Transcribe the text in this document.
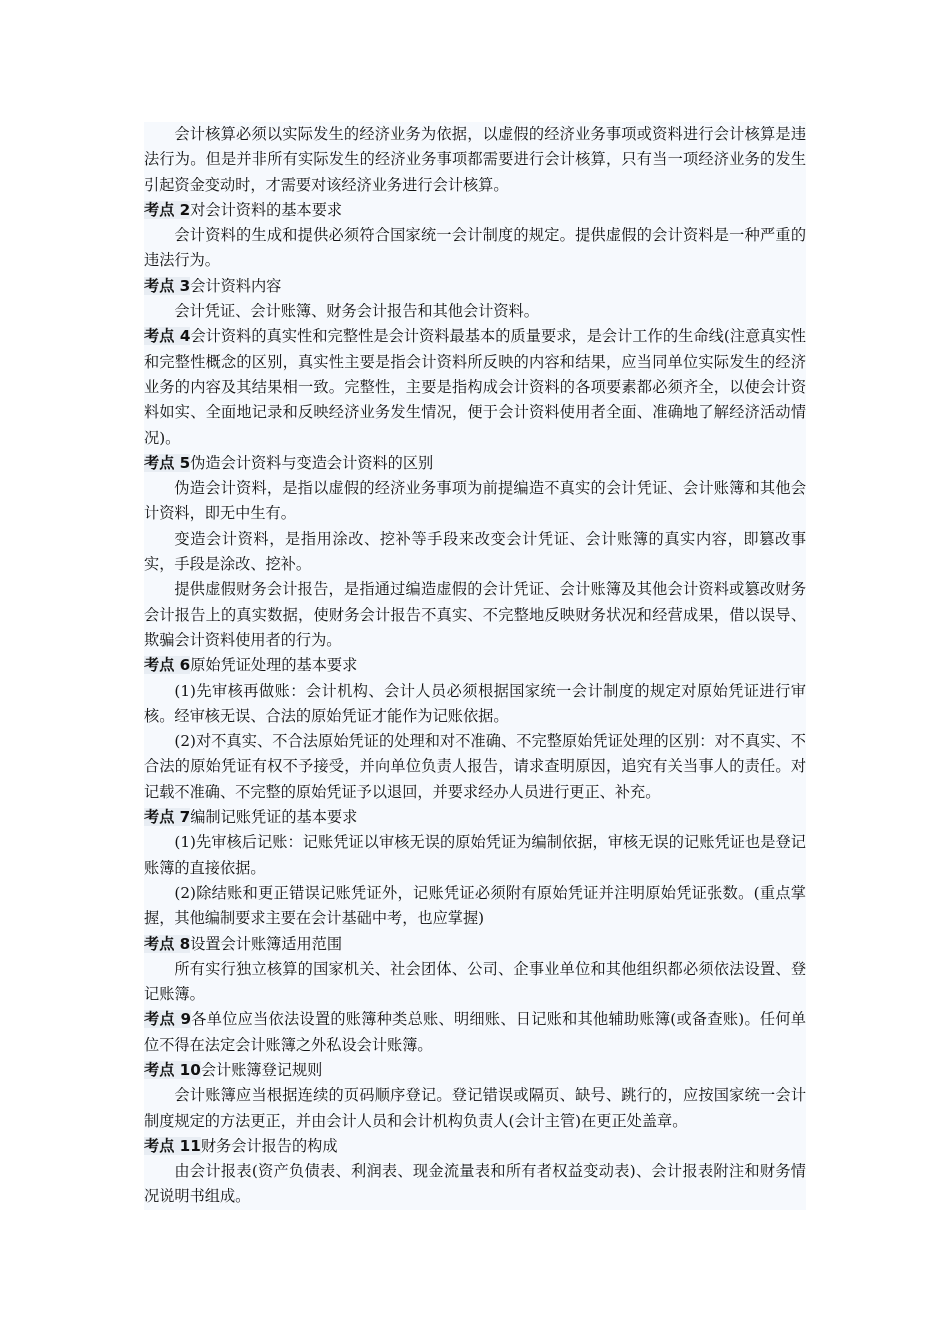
会计核算必须以实际发生的经济业务为依据，以虚假的经济业务事项或资料进行会计核算是违法行为。但是并非所有实际发生的经济业务事项都需要进行会计核算，只有当一项经济业务的发生引起资金变动时，才需要对该经济业务进行会计核算。

考点 2对会计资料的基本要求

会计资料的生成和提供必须符合国家统一会计制度的规定。提供虚假的会计资料是一种严重的违法行为。

考点 3会计资料内容

会计凭证、会计账簿、财务会计报告和其他会计资料。

考点 4会计资料的真实性和完整性是会计资料最基本的质量要求，是会计工作的生命线(注意真实性和完整性概念的区别，真实性主要是指会计资料所反映的内容和结果，应当同单位实际发生的经济业务的内容及其结果相一致。完整性，主要是指构成会计资料的各项要素都必须齐全，以使会计资料如实、全面地记录和反映经济业务发生情况，便于会计资料使用者全面、准确地了解经济活动情况)。

考点 5伪造会计资料与变造会计资料的区别

伪造会计资料，是指以虚假的经济业务事项为前提编造不真实的会计凭证、会计账簿和其他会计资料，即无中生有。

变造会计资料，是指用涂改、挖补等手段来改变会计凭证、会计账簿的真实内容，即篡改事实，手段是涂改、挖补。

提供虚假财务会计报告，是指通过编造虚假的会计凭证、会计账簿及其他会计资料或篡改财务会计报告上的真实数据，使财务会计报告不真实、不完整地反映财务状况和经营成果，借以误导、欺骗会计资料使用者的行为。

考点 6原始凭证处理的基本要求

(1)先审核再做账：会计机构、会计人员必须根据国家统一会计制度的规定对原始凭证进行审核。经审核无误、合法的原始凭证才能作为记账依据。

(2)对不真实、不合法原始凭证的处理和对不准确、不完整原始凭证处理的区别：对不真实、不合法的原始凭证有权不予接受，并向单位负责人报告，请求查明原因，追究有关当事人的责任。对记载不准确、不完整的原始凭证予以退回，并要求经办人员进行更正、补充。

考点 7编制记账凭证的基本要求

(1)先审核后记账：记账凭证以审核无误的原始凭证为编制依据，审核无误的记账凭证也是登记账簿的直接依据。

(2)除结账和更正错误记账凭证外，记账凭证必须附有原始凭证并注明原始凭证张数。(重点掌握，其他编制要求主要在会计基础中考，也应掌握)

考点 8设置会计账簿适用范围

所有实行独立核算的国家机关、社会团体、公司、企事业单位和其他组织都必须依法设置、登记账簿。

考点 9各单位应当依法设置的账簿种类总账、明细账、日记账和其他辅助账簿(或备查账)。任何单位不得在法定会计账簿之外私设会计账簿。

考点 10会计账簿登记规则

会计账簿应当根据连续的页码顺序登记。登记错误或隔页、缺号、跳行的，应按国家统一会计制度规定的方法更正，并由会计人员和会计机构负责人(会计主管)在更正处盖章。

考点 11财务会计报告的构成

由会计报表(资产负债表、利润表、现金流量表和所有者权益变动表)、会计报表附注和财务情况说明书组成。
